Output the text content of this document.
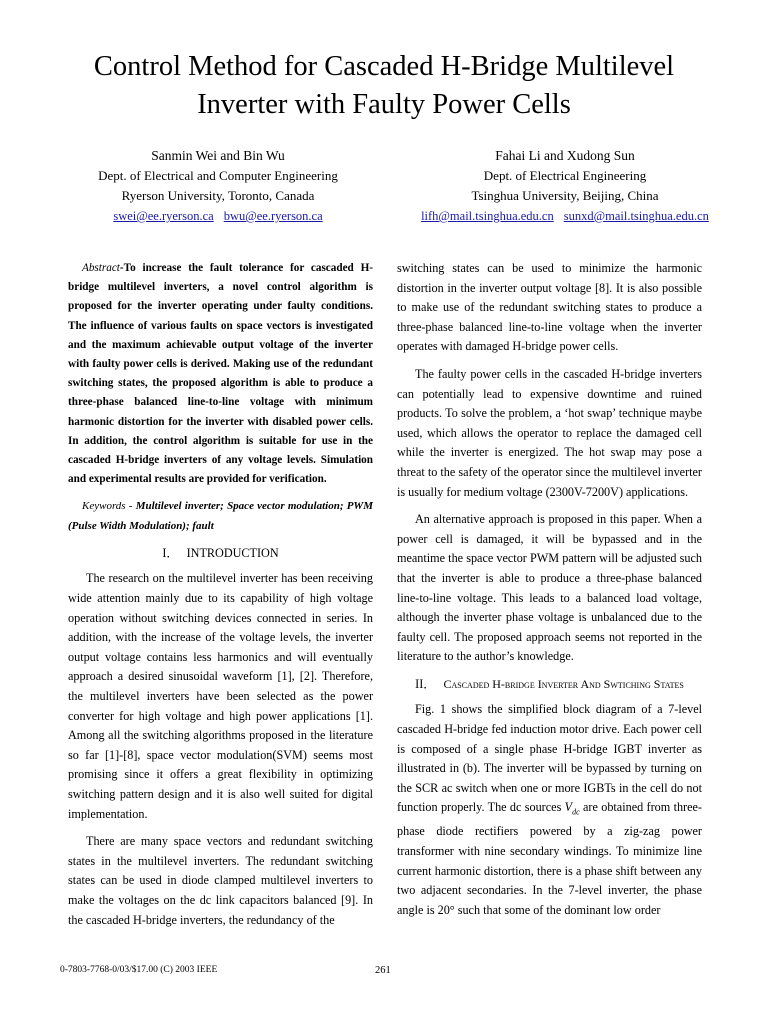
Control Method for Cascaded H-Bridge Multilevel
Inverter with Faulty Power Cells
Sanmin Wei and Bin Wu
Dept. of Electrical and Computer Engineering
Ryerson University, Toronto, Canada
swei@ee.ryerson.ca bwu@ee.ryerson.ca
Fahai Li and Xudong Sun
Dept. of Electrical Engineering
Tsinghua University, Beijing, China
lifh@mail.tsinghua.edu.cn sunxd@mail.tsinghua.edu.cn

Abstract-To increase the fault tolerance for cascaded H-bridge multilevel inverters, a novel control algorithm is proposed for the inverter operating under faulty conditions. The influence of various faults on space vectors is investigated and the maximum achievable output voltage of the inverter with faulty power cells is derived. Making use of the redundant switching states, the proposed algorithm is able to produce a three-phase balanced line-to-line voltage with minimum harmonic distortion for the inverter with disabled power cells. In addition, the control algorithm is suitable for use in the cascaded H-bridge inverters of any voltage levels. Simulation and experimental results are provided for verification.

Keywords - Multilevel inverter; Space vector modulation; PWM (Pulse Width Modulation); fault

I． INTRODUCTION

The research on the multilevel inverter has been receiving wide attention mainly due to its capability of high voltage operation without switching devices connected in series. In addition, with the increase of the voltage levels, the inverter output voltage contains less harmonics and will eventually approach a desired sinusoidal waveform [1], [2]. Therefore, the multilevel inverters have been selected as the power converter for high voltage and high power applications [1]. Among all the switching algorithms proposed in the literature so far [1]-[8], space vector modulation(SVM) seems most promising since it offers a great flexibility in optimizing switching pattern design and it is also well suited for digital implementation.

There are many space vectors and redundant switching states in the multilevel inverters. The redundant switching states can be used in diode clamped multilevel inverters to make the voltages on the dc link capacitors balanced [9]. In the cascaded H-bridge inverters, the redundancy of the

switching states can be used to minimize the harmonic distortion in the inverter output voltage [8]. It is also possible to make use of the redundant switching states to produce a three-phase balanced line-to-line voltage when the inverter operates with damaged H-bridge power cells.

The faulty power cells in the cascaded H-bridge inverters can potentially lead to expensive downtime and ruined products. To solve the problem, a ‘hot swap’ technique maybe used, which allows the operator to replace the damaged cell while the inverter is energized. The hot swap may pose a threat to the safety of the operator since the multilevel inverter is usually for medium voltage (2300V-7200V) applications.

An alternative approach is proposed in this paper. When a power cell is damaged, it will be bypassed and in the meantime the space vector PWM pattern will be adjusted such that the inverter is able to produce a three-phase balanced line-to-line voltage. This leads to a balanced load voltage, although the inverter phase voltage is unbalanced due to the faulty cell. The proposed approach seems not reported in the literature to the author’s knowledge.

II． Cascaded H-bridge Inverter And Swtiching States

Fig. 1 shows the simplified block diagram of a 7-level cascaded H-bridge fed induction motor drive. Each power cell is composed of a single phase H-bridge IGBT inverter as illustrated in (b). The inverter will be bypassed by turning on the SCR ac switch when one or more IGBTs in the cell do not function properly. The dc sources $V_{dc}$ are obtained from three-phase diode rectifiers powered by a zig-zag power transformer with nine secondary windings. To minimize line current harmonic distortion, there is a phase shift between any two adjacent secondaries. In the 7-level inverter, the phase angle is 20° such that some of the dominant low order

0-7803-7768-0/03/$17.00 (C) 2003 IEEE	261
